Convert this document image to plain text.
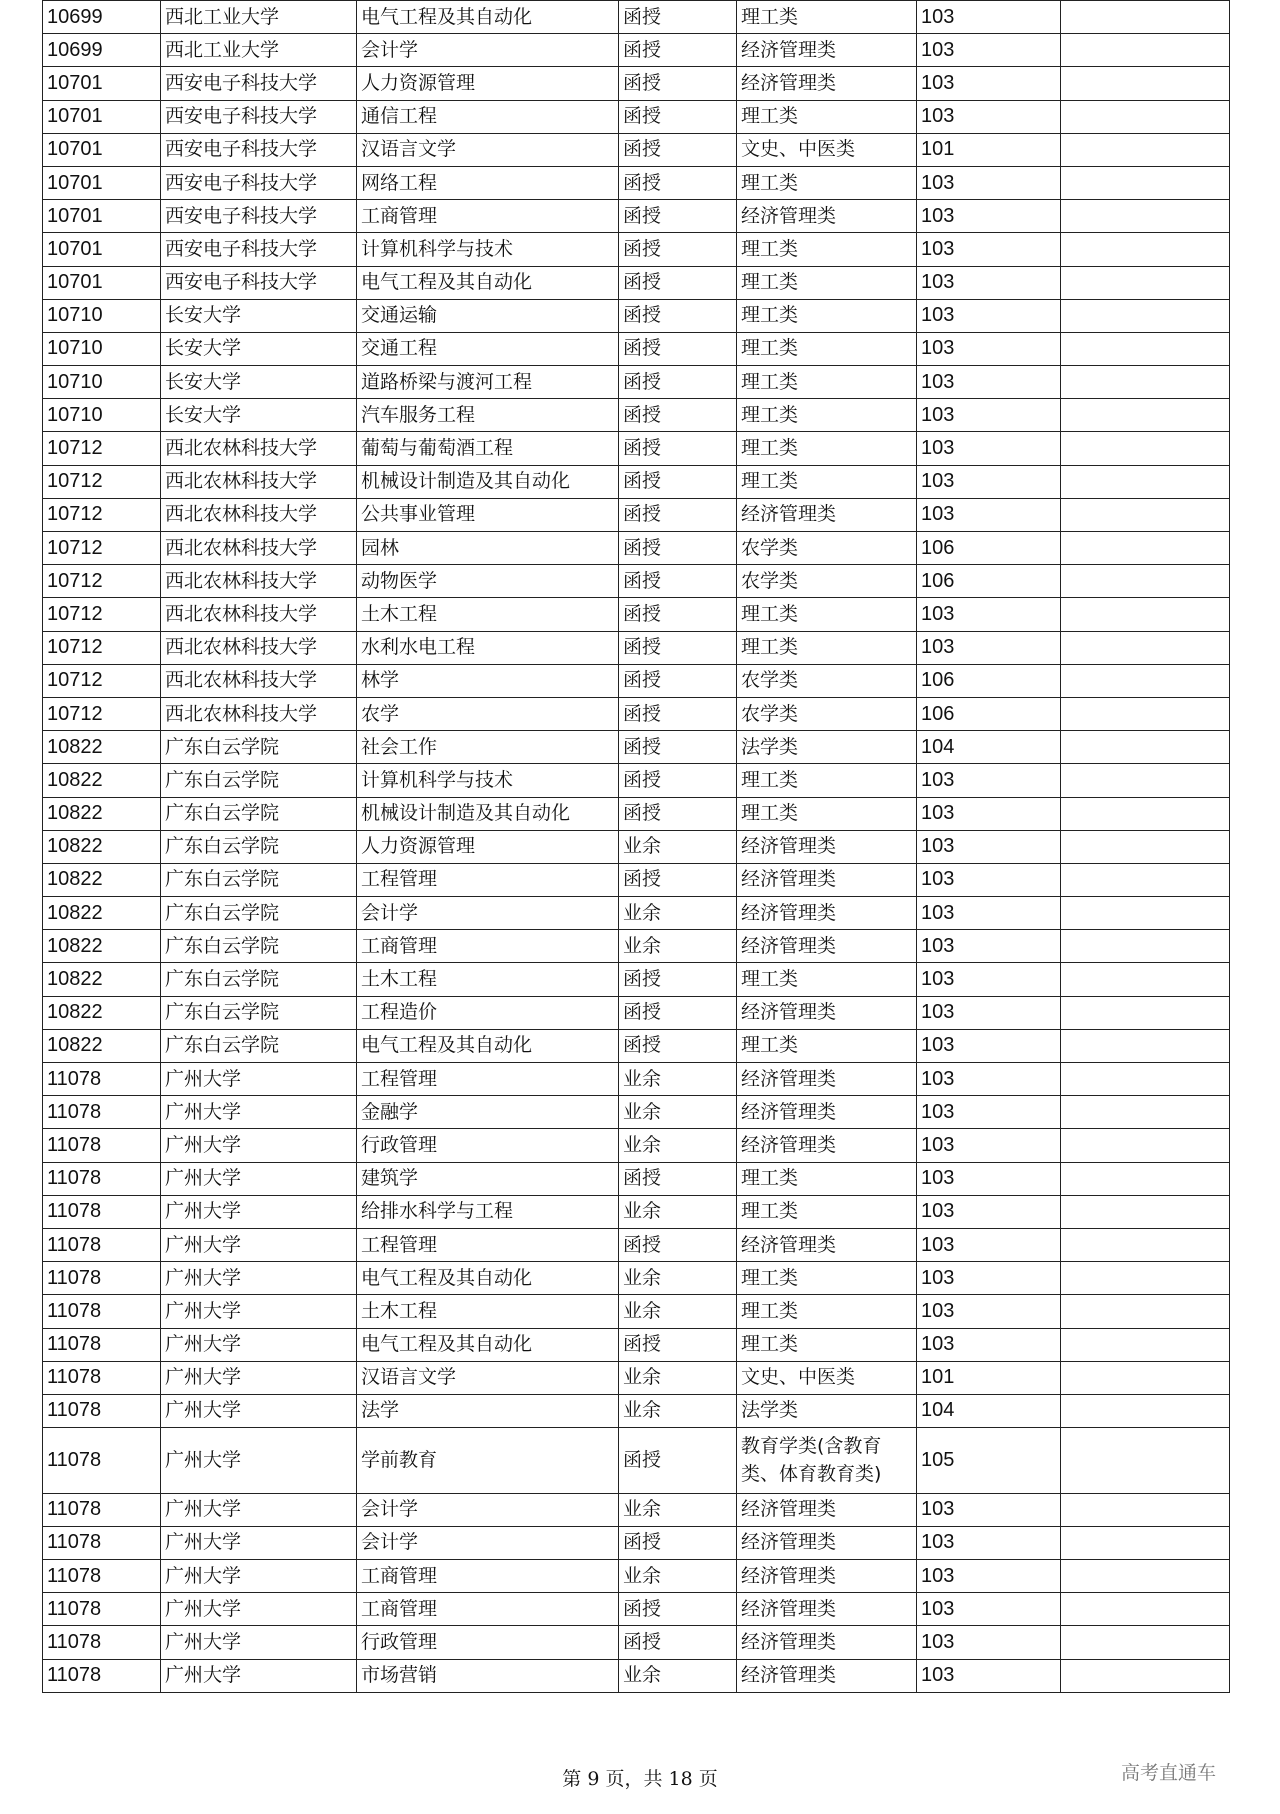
10699	西北工业大学	电气工程及其自动化	函授	理工类	103	
10699	西北工业大学	会计学	函授	经济管理类	103	
10701	西安电子科技大学	人力资源管理	函授	经济管理类	103	
10701	西安电子科技大学	通信工程	函授	理工类	103	
10701	西安电子科技大学	汉语言文学	函授	文史、中医类	101	
10701	西安电子科技大学	网络工程	函授	理工类	103	
10701	西安电子科技大学	工商管理	函授	经济管理类	103	
10701	西安电子科技大学	计算机科学与技术	函授	理工类	103	
10701	西安电子科技大学	电气工程及其自动化	函授	理工类	103	
10710	长安大学	交通运输	函授	理工类	103	
10710	长安大学	交通工程	函授	理工类	103	
10710	长安大学	道路桥梁与渡河工程	函授	理工类	103	
10710	长安大学	汽车服务工程	函授	理工类	103	
10712	西北农林科技大学	葡萄与葡萄酒工程	函授	理工类	103	
10712	西北农林科技大学	机械设计制造及其自动化	函授	理工类	103	
10712	西北农林科技大学	公共事业管理	函授	经济管理类	103	
10712	西北农林科技大学	园林	函授	农学类	106	
10712	西北农林科技大学	动物医学	函授	农学类	106	
10712	西北农林科技大学	土木工程	函授	理工类	103	
10712	西北农林科技大学	水利水电工程	函授	理工类	103	
10712	西北农林科技大学	林学	函授	农学类	106	
10712	西北农林科技大学	农学	函授	农学类	106	
10822	广东白云学院	社会工作	函授	法学类	104	
10822	广东白云学院	计算机科学与技术	函授	理工类	103	
10822	广东白云学院	机械设计制造及其自动化	函授	理工类	103	
10822	广东白云学院	人力资源管理	业余	经济管理类	103	
10822	广东白云学院	工程管理	函授	经济管理类	103	
10822	广东白云学院	会计学	业余	经济管理类	103	
10822	广东白云学院	工商管理	业余	经济管理类	103	
10822	广东白云学院	土木工程	函授	理工类	103	
10822	广东白云学院	工程造价	函授	经济管理类	103	
10822	广东白云学院	电气工程及其自动化	函授	理工类	103	
11078	广州大学	工程管理	业余	经济管理类	103	
11078	广州大学	金融学	业余	经济管理类	103	
11078	广州大学	行政管理	业余	经济管理类	103	
11078	广州大学	建筑学	函授	理工类	103	
11078	广州大学	给排水科学与工程	业余	理工类	103	
11078	广州大学	工程管理	函授	经济管理类	103	
11078	广州大学	电气工程及其自动化	业余	理工类	103	
11078	广州大学	土木工程	业余	理工类	103	
11078	广州大学	电气工程及其自动化	函授	理工类	103	
11078	广州大学	汉语言文学	业余	文史、中医类	101	
11078	广州大学	法学	业余	法学类	104	
11078	广州大学	学前教育	函授	教育学类(含教育类、体育教育类)	105	
11078	广州大学	会计学	业余	经济管理类	103	
11078	广州大学	会计学	函授	经济管理类	103	
11078	广州大学	工商管理	业余	经济管理类	103	
11078	广州大学	工商管理	函授	经济管理类	103	
11078	广州大学	行政管理	函授	经济管理类	103	
11078	广州大学	市场营销	业余	经济管理类	103	
第 9 页，共 18 页	高考直通车
